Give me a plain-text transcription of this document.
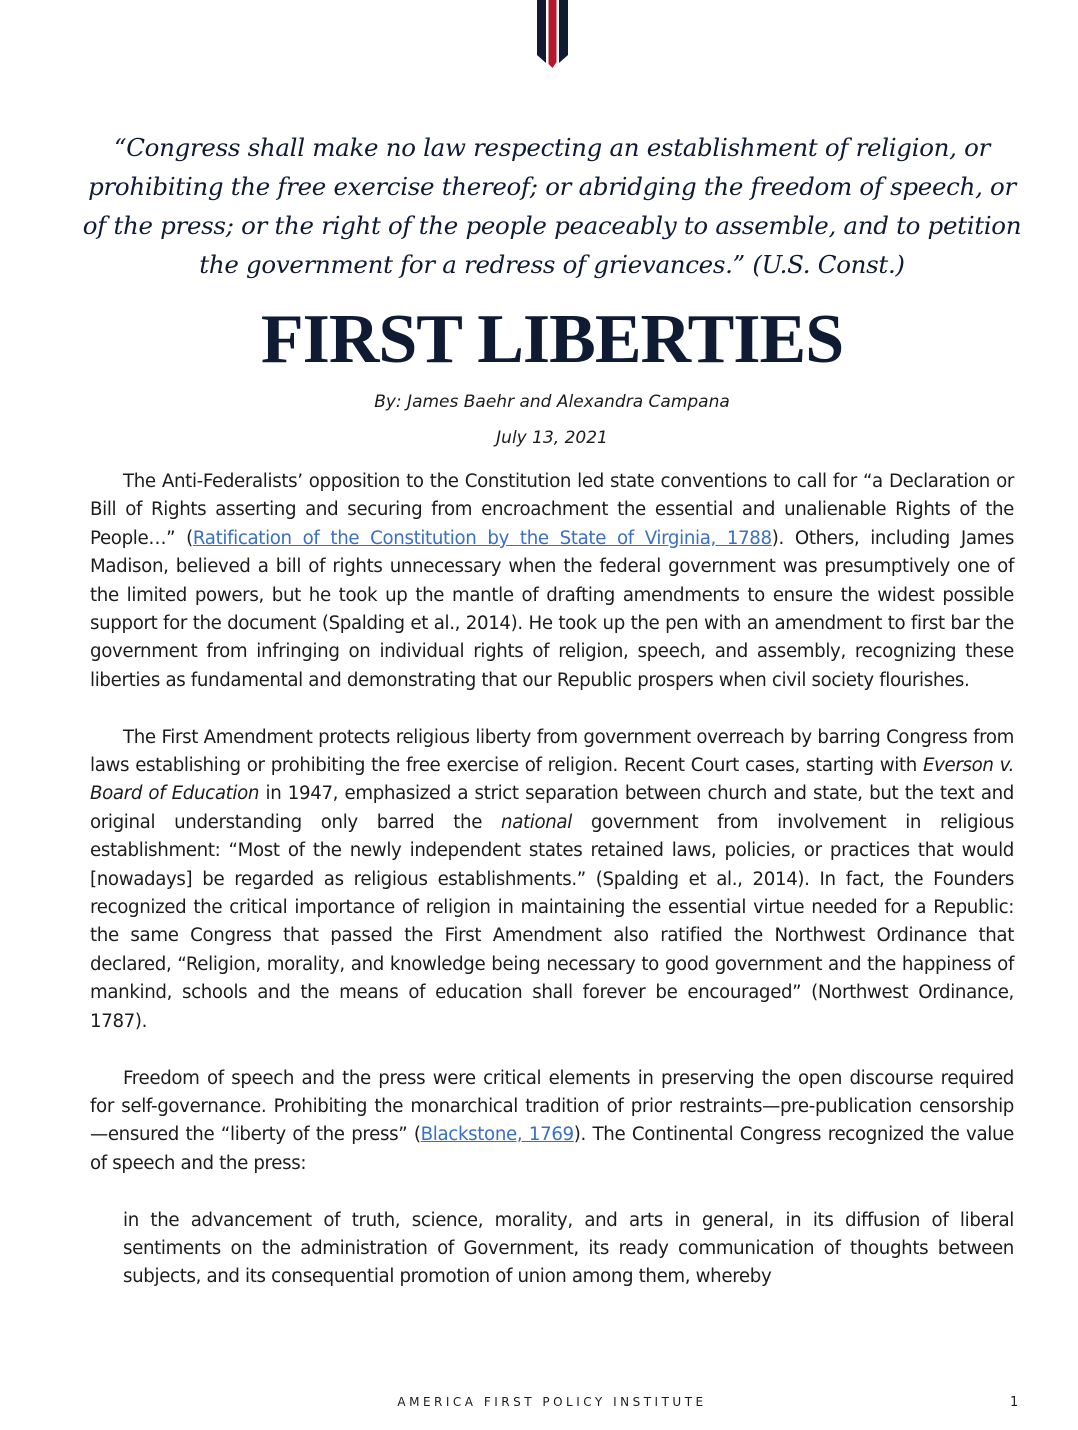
“Congress shall make no law respecting an establishment of religion, or prohibiting the free exercise thereof; or abridging the freedom of speech, or of the press; or the right of the people peaceably to assemble, and to petition the government for a redress of grievances.” (U.S. Const.)
FIRST LIBERTIES
By: James Baehr and Alexandra Campana
July 13, 2021

The Anti-Federalists’ opposition to the Constitution led state conventions to call for “a Declaration or Bill of Rights asserting and securing from encroachment the essential and unalienable Rights of the People…” (Ratification of the Constitution by the State of Virginia, 1788). Others, including James Madison, believed a bill of rights unnecessary when the federal government was presumptively one of the limited powers, but he took up the mantle of drafting amendments to ensure the widest possible support for the document (Spalding et al., 2014). He took up the pen with an amendment to first bar the government from infringing on individual rights of religion, speech, and assembly, recognizing these liberties as fundamental and demonstrating that our Republic prospers when civil society flourishes.

The First Amendment protects religious liberty from government overreach by barring Congress from laws establishing or prohibiting the free exercise of religion. Recent Court cases, starting with Everson v. Board of Education in 1947, emphasized a strict separation between church and state, but the text and original understanding only barred the national government from involvement in religious establishment: “Most of the newly independent states retained laws, policies, or practices that would [nowadays] be regarded as religious establishments.” (Spalding et al., 2014). In fact, the Founders recognized the critical importance of religion in maintaining the essential virtue needed for a Republic: the same Congress that passed the First Amendment also ratified the Northwest Ordinance that declared, “Religion, morality, and knowledge being necessary to good government and the happiness of mankind, schools and the means of education shall forever be encouraged” (Northwest Ordinance, 1787).

Freedom of speech and the press were critical elements in preserving the open discourse required for self-governance. Prohibiting the monarchical tradition of prior restraints—pre-publication censorship—ensured the “liberty of the press” (Blackstone, 1769). The Continental Congress recognized the value of speech and the press:

in the advancement of truth, science, morality, and arts in general, in its diffusion of liberal sentiments on the administration of Government, its ready communication of thoughts between subjects, and its consequential promotion of union among them, whereby

AMERICA FIRST POLICY INSTITUTE	1
